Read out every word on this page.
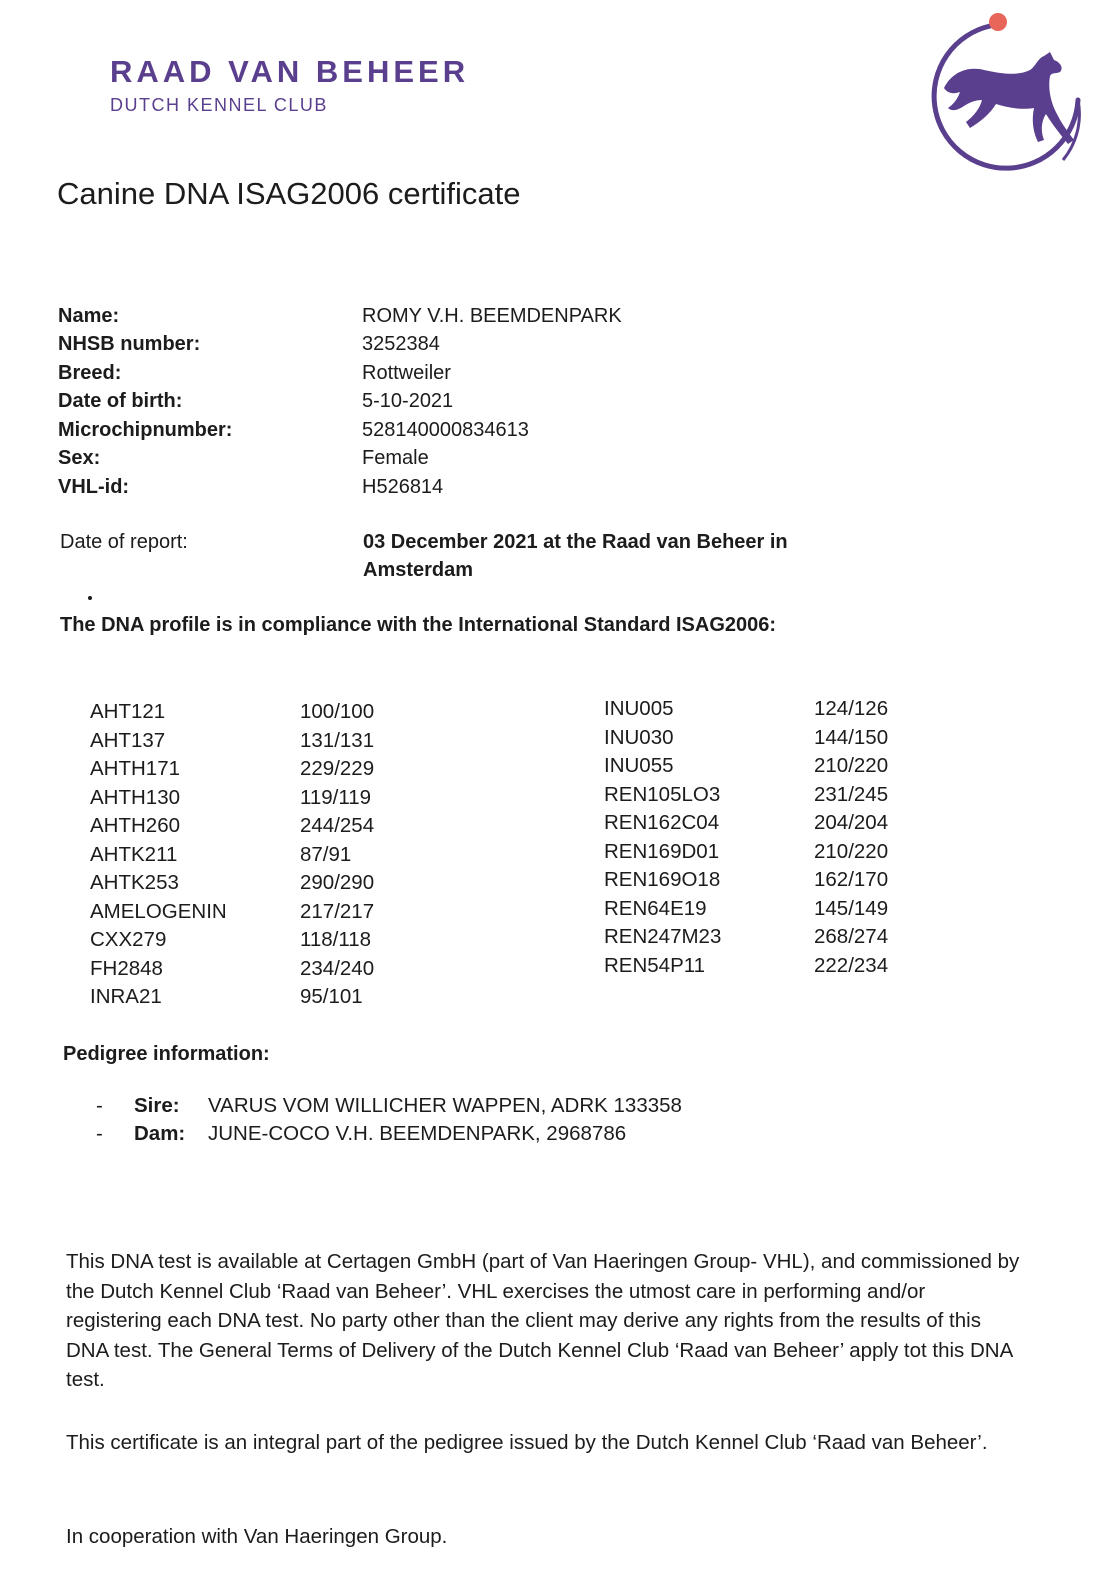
RAAD VAN BEHEER
DUTCH KENNEL CLUB
Canine DNA ISAG2006 certificate
Name:	ROMY V.H. BEEMDENPARK
NHSB number:	3252384
Breed:	Rottweiler
Date of birth:	5-10-2021
Microchipnumber:	528140000834613
Sex:	Female
VHL-id:	H526814
Date of report:	03 December 2021 at the Raad van Beheer in Amsterdam
The DNA profile is in compliance with the International Standard ISAG2006:
AHT121	100/100
AHT137	131/131
AHTH171	229/229
AHTH130	119/119
AHTH260	244/254
AHTK211	87/91
AHTK253	290/290
AMELOGENIN	217/217
CXX279	118/118
FH2848	234/240
INRA21	95/101
INU005	124/126
INU030	144/150
INU055	210/220
REN105LO3	231/245
REN162C04	204/204
REN169D01	210/220
REN169O18	162/170
REN64E19	145/149
REN247M23	268/274
REN54P11	222/234
Pedigree information:
-	Sire:	VARUS VOM WILLICHER WAPPEN, ADRK 133358
-	Dam:	JUNE-COCO V.H. BEEMDENPARK, 2968786
This DNA test is available at Certagen GmbH (part of Van Haeringen Group- VHL), and commissioned by the Dutch Kennel Club ‘Raad van Beheer’. VHL exercises the utmost care in performing and/or registering each DNA test. No party other than the client may derive any rights from the results of this DNA test. The General Terms of Delivery of the Dutch Kennel Club ‘Raad van Beheer’ apply tot this DNA test.
This certificate is an integral part of the pedigree issued by the Dutch Kennel Club ‘Raad van Beheer’.
In cooperation with Van Haeringen Group.
